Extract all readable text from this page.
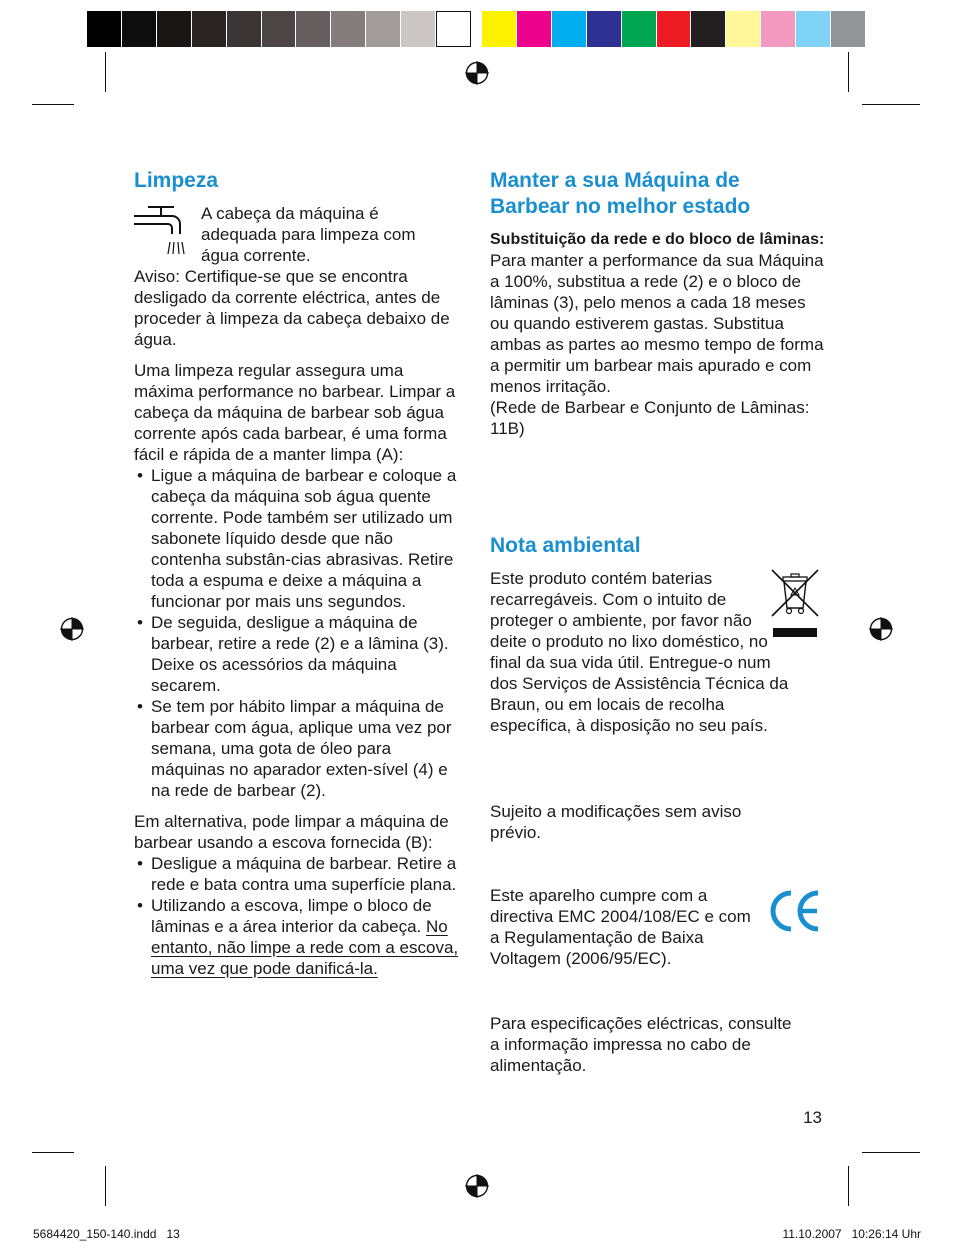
Limpeza

A cabeça da máquina é

adequada para limpeza com

água corrente.

Aviso: Certifique-se que se encontra desligado da corrente eléctrica, antes de proceder à limpeza da cabeça debaixo de água.

Uma limpeza regular assegura uma máxima performance no barbear. Limpar a cabeça da máquina de barbear sob água corrente após cada barbear, é uma forma fácil e rápida de a manter limpa (A):

• Ligue a máquina de barbear e coloque a cabeça da máquina sob água quente corrente. Pode também ser utilizado um sabonete líquido desde que não contenha substân-cias abrasivas. Retire toda a espuma e deixe a máquina a funcionar por mais uns segundos.
• De seguida, desligue a máquina de barbear, retire a rede (2) e a lâmina (3). Deixe os acessórios da máquina secarem.
• Se tem por hábito limpar a máquina de barbear com água, aplique uma vez por semana, uma gota de óleo para máquinas no aparador exten-sível (4) e na rede de barbear (2).

Em alternativa, pode limpar a máquina de barbear usando a escova fornecida (B):

• Desligue a máquina de barbear. Retire a rede e bata contra uma superfície plana.
• Utilizando a escova, limpe o bloco de lâminas e a área interior da cabeça. No entanto, não limpe a rede com a escova, uma vez que pode danificá-la.
Manter a sua Máquina de Barbear no melhor estado

Substituição da rede e do bloco de lâminas:

Para manter a performance da sua Máquina a 100%, substitua a rede (2) e o bloco de lâminas (3), pelo menos a cada 18 meses ou quando estiverem gastas. Substitua ambas as partes ao mesmo tempo de forma a permitir um barbear mais apurado e com menos irritação.

(Rede de Barbear e Conjunto de Lâminas: 11B)

Nota ambiental
Este produto contém baterias recarregáveis. Com o intuito de proteger o ambiente, por favor não deite o produto no lixo doméstico, no final da sua vida útil. Entregue-o num dos Serviços de Assistência Técnica da Braun, ou em locais de recolha específica, à disposição no seu país.
Sujeito a modificações sem aviso prévio.
Este aparelho cumpre com a directiva EMC 2004/108/EC e com a Regulamentação de Baixa Voltagem (2006/95/EC).
Para especificações eléctricas, consulte a informação impressa no cabo de alimentação.
13
5684420_150-140.indd   13	11.10.2007   10:26:14 Uhr
